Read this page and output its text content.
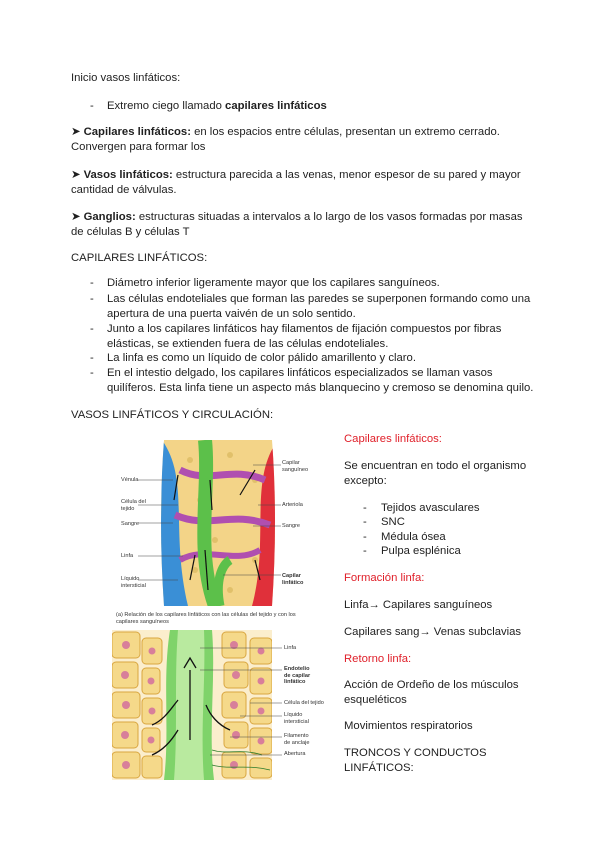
Inicio vasos linfáticos:
- Extremo ciego llamado capilares linfáticos
➤ Capilares linfáticos: en los espacios entre células, presentan un extremo cerrado.
Convergen para formar los
➤ Vasos linfáticos: estructura parecida a las venas, menor espesor de su pared y mayor
cantidad de válvulas.
➤ Ganglios: estructuras situadas a intervalos a lo largo de los vasos formadas por masas
de células B y células T
CAPILARES LINFÁTICOS:
- Diámetro inferior ligeramente mayor que los capilares sanguíneos.
- Las células endoteliales que forman las paredes se superponen formando como una
apertura de una puerta vaivén de un solo sentido.
- Junto a los capilares linfáticos hay filamentos de fijación compuestos por fibras
elásticas, se extienden fuera de las células endoteliales.
- La linfa es como un líquido de color pálido amarillento y claro.
- En el intestio delgado, los capilares linfáticos especializados se llaman vasos
quilíferos. Esta linfa tiene un aspecto más blanquecino y cremoso se denomina quilo.
VASOS LINFÁTICOS Y CIRCULACIÓN:
Vénula
Célula del
tejido
Sangre
Linfa
Líquido
intersticial
Capilar
sanguíneo
Arteriola
Sangre
Capilar
linfático
(a) Relación de los capilares linfáticos con las células del tejido y con los
capilares sanguíneos
Linfa
Endotelio
de capilar
linfático
Célula del tejido
Líquido
intersticial
Filamento
de anclaje
Abertura
Capilares linfáticos:
Se encuentran en todo el organismo
excepto:
- Tejidos avasculares
- SNC
- Médula ósea
- Pulpa esplénica
Formación linfa:
Linfa→ Capilares sanguíneos
Capilares sang→ Venas subclavias
Retorno linfa:
Acción de Ordeño de los músculos
esqueléticos
Movimientos respiratorios
TRONCOS Y CONDUCTOS
LINFÁTICOS:
